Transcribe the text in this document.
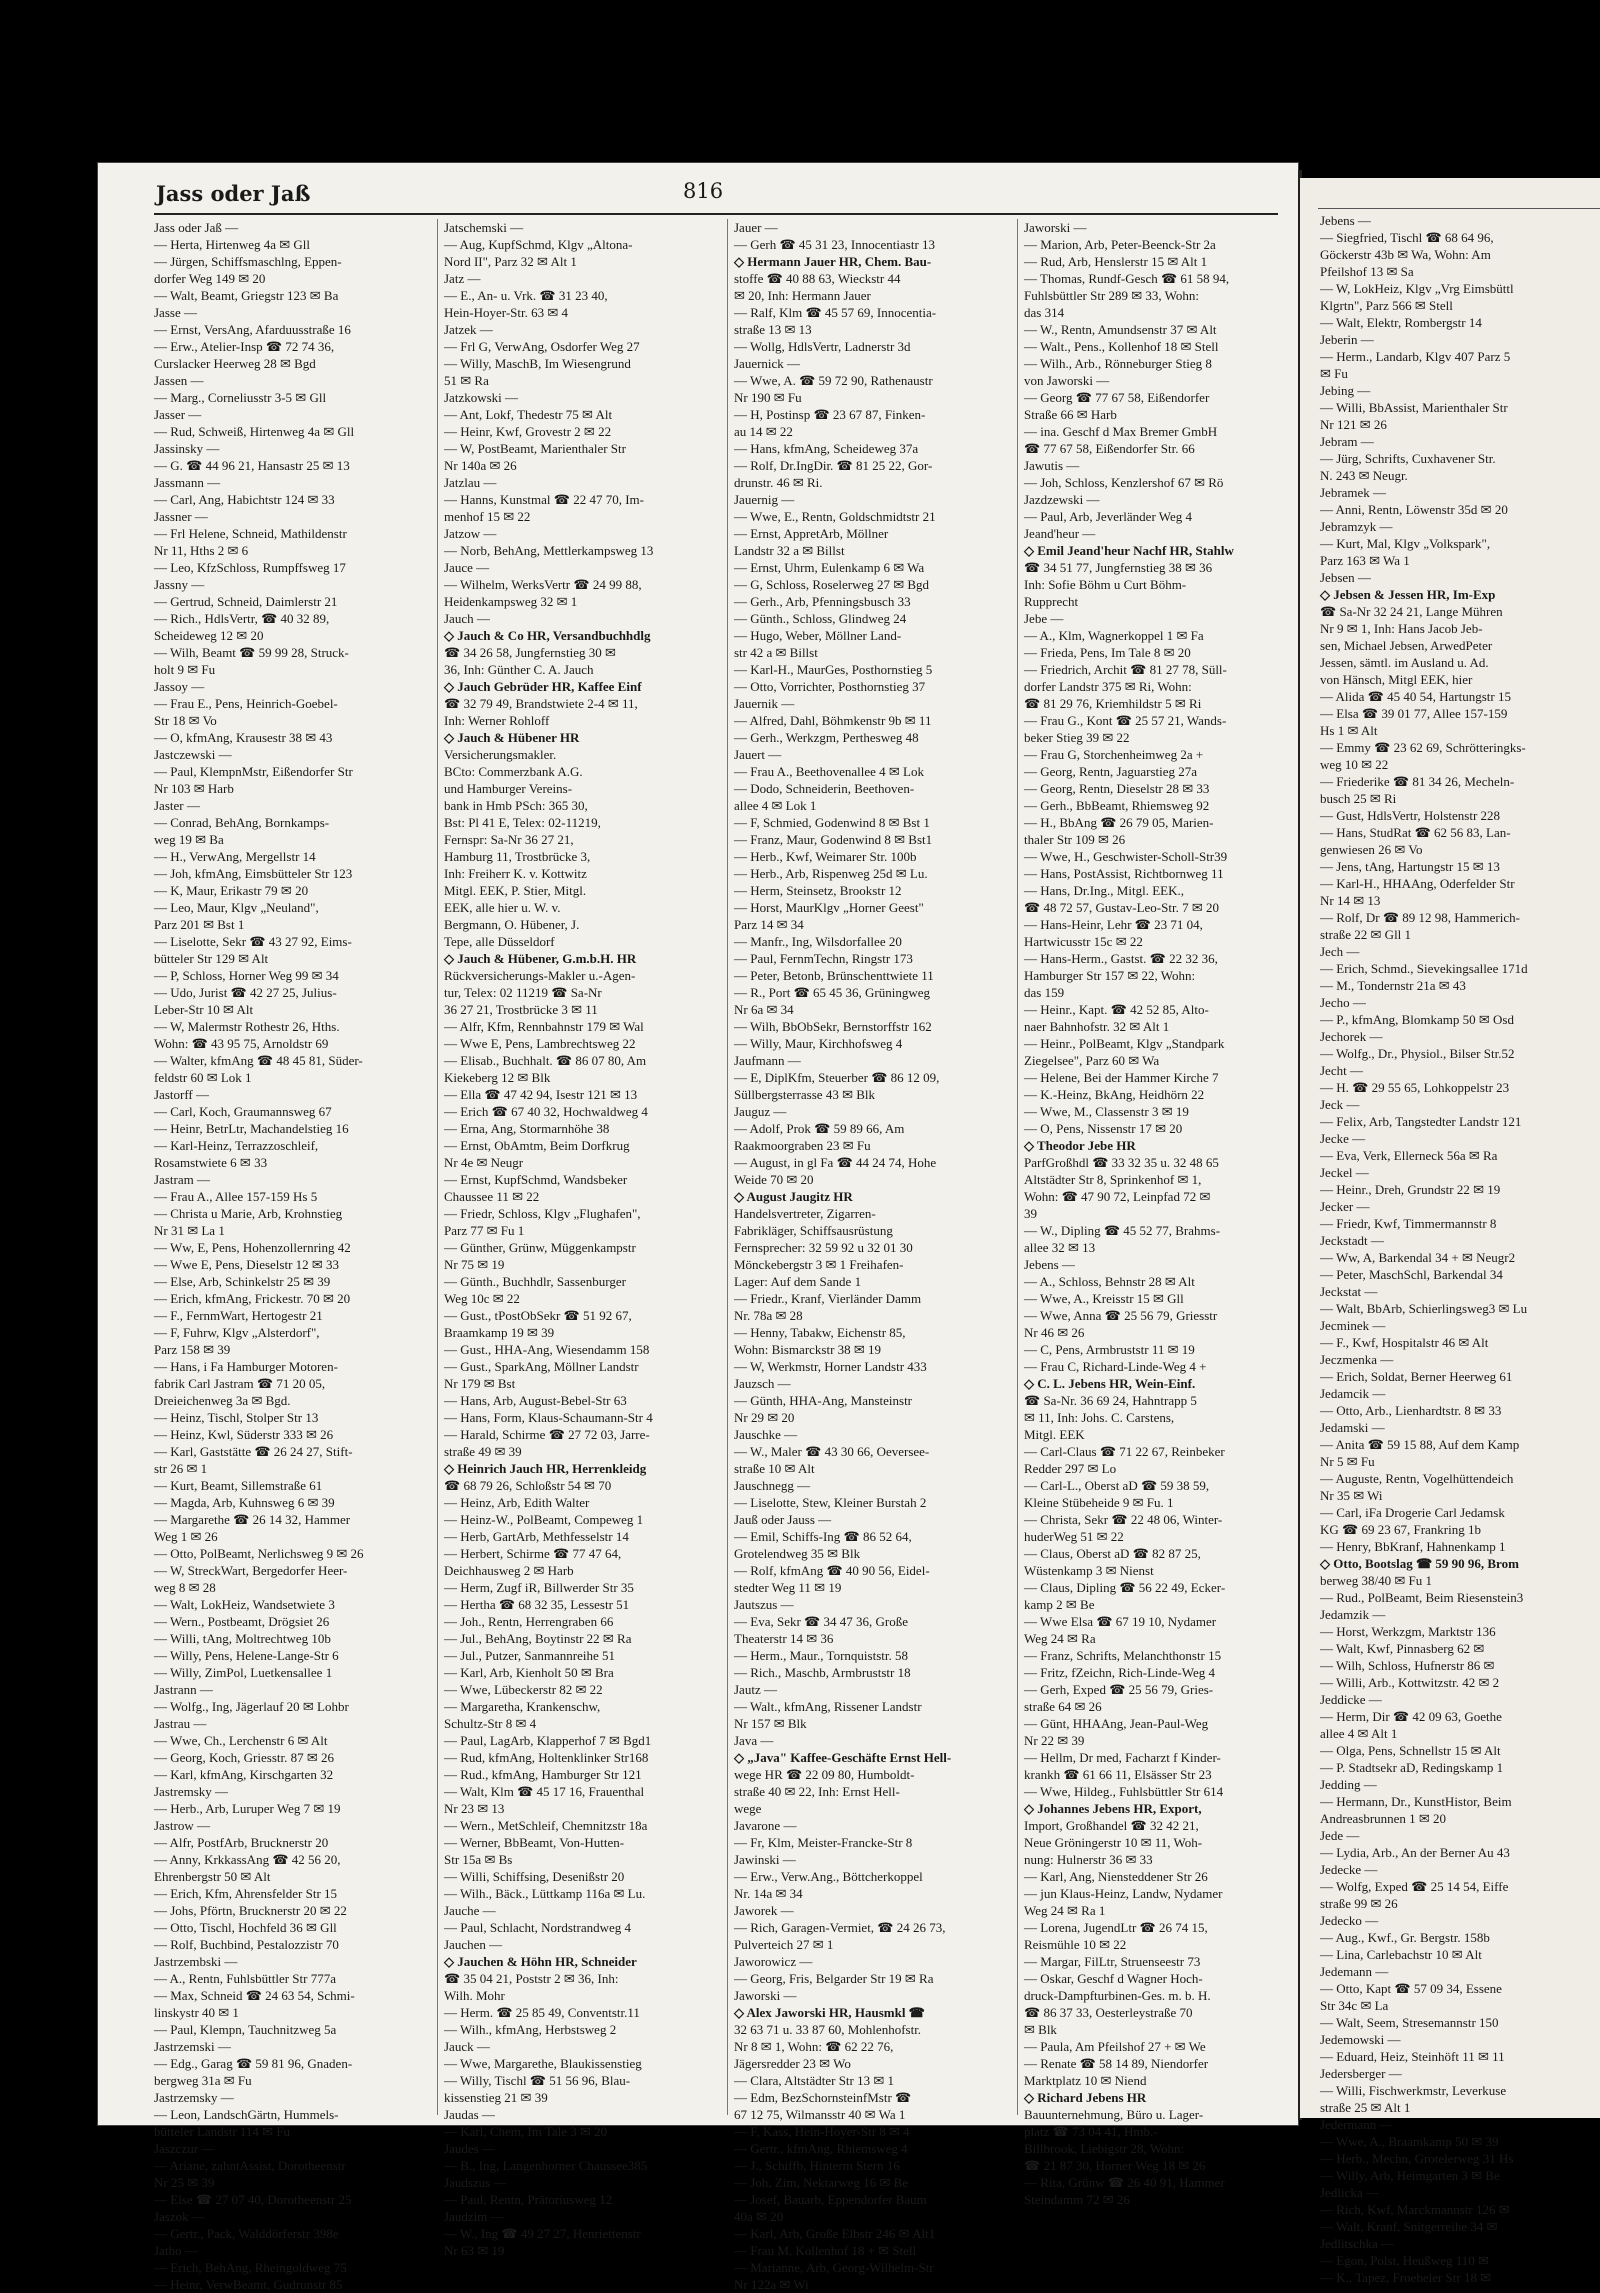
Jass oder Jaß	816
Jass oder Jaß —
— Herta, Hirtenweg 4a ✉ Gll
— Jürgen, Schiffsmaschlng, Eppen-
dorfer Weg 149 ✉ 20
— Walt, Beamt, Griegstr 123 ✉ Ba
Jasse —
— Ernst, VersAng, Afarduusstraße 16
— Erw., Atelier-Insp ☎ 72 74 36,
Curslacker Heerweg 28 ✉ Bgd
Jassen —
— Marg., Corneliusstr 3-5 ✉ Gll
Jasser —
— Rud, Schweiß, Hirtenweg 4a ✉ Gll
Jassinsky —
— G. ☎ 44 96 21, Hansastr 25 ✉ 13
Jassmann —
— Carl, Ang, Habichtstr 124 ✉ 33
Jassner —
— Frl Helene, Schneid, Mathildenstr
Nr 11, Hths 2 ✉ 6
— Leo, KfzSchloss, Rumpffsweg 17
Jassny —
— Gertrud, Schneid, Daimlerstr 21
— Rich., HdlsVertr, ☎ 40 32 89,
Scheideweg 12 ✉ 20
— Wilh, Beamt ☎ 59 99 28, Struck-
holt 9 ✉ Fu
Jassoy —
— Frau E., Pens, Heinrich-Goebel-
Str 18 ✉ Vo
— O, kfmAng, Krausestr 38 ✉ 43
Jastczewski —
— Paul, KlempnMstr, Eißendorfer Str
Nr 103 ✉ Harb
Jaster —
— Conrad, BehAng, Bornkamps-
weg 19 ✉ Ba
— H., VerwAng, Mergellstr 14
— Joh, kfmAng, Eimsbütteler Str 123
— K, Maur, Erikastr 79 ✉ 20
— Leo, Maur, Klgv „Neuland",
Parz 201 ✉ Bst 1
— Liselotte, Sekr ☎ 43 27 92, Eims-
bütteler Str 129 ✉ Alt
— P, Schloss, Horner Weg 99 ✉ 34
— Udo, Jurist ☎ 42 27 25, Julius-
Leber-Str 10 ✉ Alt
— W, Malermstr Rothestr 26, Hths.
Wohn: ☎ 43 95 75, Arnoldstr 69
— Walter, kfmAng ☎ 48 45 81, Süder-
feldstr 60 ✉ Lok 1
Jastorff —
— Carl, Koch, Graumannsweg 67
— Heinr, BetrLtr, Machandelstieg 16
— Karl-Heinz, Terrazzoschleif,
Rosamstwiete 6 ✉ 33
Jastram —
— Frau A., Allee 157-159 Hs 5
— Christa u Marie, Arb, Krohnstieg
Nr 31 ✉ La 1
— Ww, E, Pens, Hohenzollernring 42
— Wwe E, Pens, Dieselstr 12 ✉ 33
— Else, Arb, Schinkelstr 25 ✉ 39
— Erich, kfmAng, Frickestr. 70 ✉ 20
— F., FernmWart, Hertogestr 21
— F, Fuhrw, Klgv „Alsterdorf",
Parz 158 ✉ 39
— Hans, i Fa Hamburger Motoren-
fabrik Carl Jastram ☎ 71 20 05,
Dreieichenweg 3a ✉ Bgd.
— Heinz, Tischl, Stolper Str 13
— Heinz, Kwl, Süderstr 333 ✉ 26
— Karl, Gaststätte ☎ 26 24 27, Stift-
str 26 ✉ 1
— Kurt, Beamt, Sillemstraße 61
— Magda, Arb, Kuhnsweg 6 ✉ 39
— Margarethe ☎ 26 14 32, Hammer
Weg 1 ✉ 26
— Otto, PolBeamt, Nerlichsweg 9 ✉ 26
— W, StreckWart, Bergedorfer Heer-
weg 8 ✉ 28
— Walt, LokHeiz, Wandsetwiete 3
— Wern., Postbeamt, Drögsiet 26
— Willi, tAng, Moltrechtweg 10b
— Willy, Pens, Helene-Lange-Str 6
— Willy, ZimPol, Luetkensallee 1
Jastrann —
— Wolfg., Ing, Jägerlauf 20 ✉ Lohbr
Jastrau —
— Wwe, Ch., Lerchenstr 6 ✉ Alt
— Georg, Koch, Griesstr. 87 ✉ 26
— Karl, kfmAng, Kirschgarten 32
Jastremsky —
— Herb., Arb, Luruper Weg 7 ✉ 19
Jastrow —
— Alfr, PostfArb, Brucknerstr 20
— Anny, KrkkassAng ☎ 42 56 20,
Ehrenbergstr 50 ✉ Alt
— Erich, Kfm, Ahrensfelder Str 15
— Johs, Pförtn, Brucknerstr 20 ✉ 22
— Otto, Tischl, Hochfeld 36 ✉ Gll
— Rolf, Buchbind, Pestalozzistr 70
Jastrzembski —
— A., Rentn, Fuhlsbüttler Str 777a
— Max, Schneid ☎ 24 63 54, Schmi-
linskystr 40 ✉ 1
— Paul, Klempn, Tauchnitzweg 5a
Jastrzemski —
— Edg., Garag ☎ 59 81 96, Gnaden-
bergweg 31a ✉ Fu
Jastrzemsky —
— Leon, LandschGärtn, Hummels-
bütteler Landstr 114 ✉ Fu
Jaszczur —
— Ariane, zahntAssist, Dorotheenstr
Nr 25 ✉ 39
— Else ☎ 27 07 40, Dorotheenstr 25
Jaszok —
— Gertr., Pack, Walddörferstr 398e
Jatho —
— Erich, BehAng, Rheingoldweg 75
— Heinr, VerwBeamt, Gudrunstr 85
Jatschemski —
— Aug, KupfSchmd, Klgv „Altona-
Nord II", Parz 32 ✉ Alt 1
Jatz —
— E., An- u. Vrk. ☎ 31 23 40,
Hein-Hoyer-Str. 63 ✉ 4
Jatzek —
— Frl G, VerwAng, Osdorfer Weg 27
— Willy, MaschB, Im Wiesengrund
51 ✉ Ra
Jatzkowski —
— Ant, Lokf, Thedestr 75 ✉ Alt
— Heinr, Kwf, Grovestr 2 ✉ 22
— W, PostBeamt, Marienthaler Str
Nr 140a ✉ 26
Jatzlau —
— Hanns, Kunstmal ☎ 22 47 70, Im-
menhof 15 ✉ 22
Jatzow —
— Norb, BehAng, Mettlerkampsweg 13
Jauce —
— Wilhelm, WerksVertr ☎ 24 99 88,
Heidenkampsweg 32 ✉ 1
Jauch —
◇ Jauch & Co HR, Versandbuchhdlg
☎ 34 26 58, Jungfernstieg 30 ✉
36, Inh: Günther C. A. Jauch
◇ Jauch Gebrüder HR, Kaffee Einf
☎ 32 79 49, Brandstwiete 2-4 ✉ 11,
Inh: Werner Rohloff
◇ Jauch & Hübener HR
Versicherungsmakler.
BCto: Commerzbank A.G.
und Hamburger Vereins-
bank in Hmb PSch: 365 30,
Bst: Pl 41 E, Telex: 02-11219,
Fernspr: Sa-Nr 36 27 21,
Hamburg 11, Trostbrücke 3,
Inh: Freiherr K. v. Kottwitz
Mitgl. EEK, P. Stier, Mitgl.
EEK, alle hier u. W. v.
Bergmann, O. Hübener, J.
Tepe, alle Düsseldorf
◇ Jauch & Hübener, G.m.b.H. HR
Rückversicherungs-Makler u.-Agen-
tur, Telex: 02 11219 ☎ Sa-Nr
36 27 21, Trostbrücke 3 ✉ 11
— Alfr, Kfm, Rennbahnstr 179 ✉ Wal
— Wwe E, Pens, Lambrechtsweg 22
— Elisab., Buchhalt. ☎ 86 07 80, Am
Kiekeberg 12 ✉ Blk
— Ella ☎ 47 42 94, Isestr 121 ✉ 13
— Erich ☎ 67 40 32, Hochwaldweg 4
— Erna, Ang, Stormarnhöhe 38
— Ernst, ObAmtm, Beim Dorfkrug
Nr 4e ✉ Neugr
— Ernst, KupfSchmd, Wandsbeker
Chaussee 11 ✉ 22
— Friedr, Schloss, Klgv „Flughafen",
Parz 77 ✉ Fu 1
— Günther, Grünw, Müggenkampstr
Nr 75 ✉ 19
— Günth., Buchhdlr, Sassenburger
Weg 10c ✉ 22
— Gust., tPostObSekr ☎ 51 92 67,
Braamkamp 19 ✉ 39
— Gust., HHA-Ang, Wiesendamm 158
— Gust., SparkAng, Möllner Landstr
Nr 179 ✉ Bst
— Hans, Arb, August-Bebel-Str 63
— Hans, Form, Klaus-Schaumann-Str 4
— Harald, Schirme ☎ 27 72 03, Jarre-
straße 49 ✉ 39
◇ Heinrich Jauch HR, Herrenkleidg
☎ 68 79 26, Schloßstr 54 ✉ 70
— Heinz, Arb, Edith Walter
— Heinz-W., PolBeamt, Compeweg 1
— Herb, GartArb, Methfesselstr 14
— Herbert, Schirme ☎ 77 47 64,
Deichhausweg 2 ✉ Harb
— Herm, Zugf iR, Billwerder Str 35
— Hertha ☎ 68 32 35, Lessestr 51
— Joh., Rentn, Herrengraben 66
— Jul., BehAng, Boytinstr 22 ✉ Ra
— Jul., Putzer, Sanmannreihe 51
— Karl, Arb, Kienholt 50 ✉ Bra
— Wwe, Lübeckerstr 82 ✉ 22
— Margaretha, Krankenschw,
Schultz-Str 8 ✉ 4
— Paul, LagArb, Klapperhof 7 ✉ Bgd1
— Rud, kfmAng, Holtenklinker Str168
— Rud., kfmAng, Hamburger Str 121
— Walt, Klm ☎ 45 17 16, Frauenthal
Nr 23 ✉ 13
— Wern., MetSchleif, Chemnitzstr 18a
— Werner, BbBeamt, Von-Hutten-
Str 15a ✉ Bs
— Willi, Schiffsing, Desenißstr 20
— Wilh., Bäck., Lüttkamp 116a ✉ Lu.
Jauche —
— Paul, Schlacht, Nordstrandweg 4
Jauchen —
◇ Jauchen & Höhn HR, Schneider
☎ 35 04 21, Poststr 2 ✉ 36, Inh:
Wilh. Mohr
— Herm. ☎ 25 85 49, Conventstr.11
— Wilh., kfmAng, Herbstsweg 2
Jauck —
— Wwe, Margarethe, Blaukissenstieg
— Willy, Tischl ☎ 51 56 96, Blau-
kissenstieg 21 ✉ 39
Jaudas —
— Karl, Chem, Im Tale 3 ✉ 20
Jaudes —
— B., Ing, Langenhorner Chaussee385
Jaudszus —
— Paul, Rentn, Prätoriusweg 12
Jaudzim —
— W., Ing ☎ 49 27 27, Henriettenstr
Nr 63 ✉ 19
Jauer —
— Gerh ☎ 45 31 23, Innocentiastr 13
◇ Hermann Jauer HR, Chem. Bau-
stoffe ☎ 40 88 63, Wieckstr 44
✉ 20, Inh: Hermann Jauer
— Ralf, Klm ☎ 45 57 69, Innocentia-
straße 13 ✉ 13
— Wollg, HdlsVertr, Ladnerstr 3d
Jauernick —
— Wwe, A. ☎ 59 72 90, Rathenaustr
Nr 190 ✉ Fu
— H, Postinsp ☎ 23 67 87, Finken-
au 14 ✉ 22
— Hans, kfmAng, Scheideweg 37a
— Rolf, Dr.IngDir. ☎ 81 25 22, Gor-
drunstr. 46 ✉ Ri.
Jauernig —
— Wwe, E., Rentn, Goldschmidtstr 21
— Ernst, AppretArb, Möllner
Landstr 32 a ✉ Billst
— Ernst, Uhrm, Eulenkamp 6 ✉ Wa
— G, Schloss, Roselerweg 27 ✉ Bgd
— Gerh., Arb, Pfenningsbusch 33
— Günth., Schloss, Glindweg 24
— Hugo, Weber, Möllner Land-
str 42 a ✉ Billst
— Karl-H., MaurGes, Posthornstieg 5
— Otto, Vorrichter, Posthornstieg 37
Jauernik —
— Alfred, Dahl, Böhmkenstr 9b ✉ 11
— Gerh., Werkzgm, Perthesweg 48
Jauert —
— Frau A., Beethovenallee 4 ✉ Lok
— Dodo, Schneiderin, Beethoven-
allee 4 ✉ Lok 1
— F, Schmied, Godenwind 8 ✉ Bst 1
— Franz, Maur, Godenwind 8 ✉ Bst1
— Herb., Kwf, Weimarer Str. 100b
— Herb., Arb, Rispenweg 25d ✉ Lu.
— Herm, Steinsetz, Brookstr 12
— Horst, MaurKlgv „Horner Geest"
Parz 14 ✉ 34
— Manfr., Ing, Wilsdorfallee 20
— Paul, FernmTechn, Ringstr 173
— Peter, Betonb, Brünschenttwiete 11
— R., Port ☎ 65 45 36, Grüningweg
Nr 6a ✉ 34
— Wilh, BbObSekr, Bernstorffstr 162
— Willy, Maur, Kirchhofsweg 4
Jaufmann —
— E, DiplKfm, Steuerber ☎ 86 12 09,
Süllbergsterrasse 43 ✉ Blk
Jauguz —
— Adolf, Prok ☎ 59 89 66, Am
Raakmoorgraben 23 ✉ Fu
— August, in gl Fa ☎ 44 24 74, Hohe
Weide 70 ✉ 20
◇ August Jaugitz HR
Handelsvertreter, Zigarren-
Fabrikläger, Schiffsausrüstung
Fernsprecher: 32 59 92 u 32 01 30
Mönckebergstr 3 ✉ 1 Freihafen-
Lager: Auf dem Sande 1
— Friedr., Kranf, Vierländer Damm
Nr. 78a ✉ 28
— Henny, Tabakw, Eichenstr 85,
Wohn: Bismarckstr 38 ✉ 19
— W, Werkmstr, Horner Landstr 433
Jauzsch —
— Günth, HHA-Ang, Mansteinstr
Nr 29 ✉ 20
Jauschke —
— W., Maler ☎ 43 30 66, Oeversee-
straße 10 ✉ Alt
Jauschnegg —
— Liselotte, Stew, Kleiner Burstah 2
Jauß oder Jauss —
— Emil, Schiffs-Ing ☎ 86 52 64,
Grotelendweg 35 ✉ Blk
— Rolf, kfmAng ☎ 40 90 56, Eidel-
stedter Weg 11 ✉ 19
Jautszus —
— Eva, Sekr ☎ 34 47 36, Große
Theaterstr 14 ✉ 36
— Herm., Maur., Tornquiststr. 58
— Rich., Maschb, Armbruststr 18
Jautz —
— Walt., kfmAng, Rissener Landstr
Nr 157 ✉ Blk
Java —
◇ „Java" Kaffee-Geschäfte Ernst Hell-
wege HR ☎ 22 09 80, Humboldt-
straße 40 ✉ 22, Inh: Ernst Hell-
wege
Javarone —
— Fr, Klm, Meister-Francke-Str 8
Jawinski —
— Erw., Verw.Ang., Böttcherkoppel
Nr. 14a ✉ 34
Jaworek —
— Rich, Garagen-Vermiet, ☎ 24 26 73,
Pulverteich 27 ✉ 1
Jaworowicz —
— Georg, Fris, Belgarder Str 19 ✉ Ra
Jaworski —
◇ Alex Jaworski HR, Hausmkl ☎
32 63 71 u. 33 87 60, Mohlenhofstr.
Nr 8 ✉ 1, Wohn: ☎ 62 22 76,
Jägersredder 23 ✉ Wo
— Clara, Altstädter Str 13 ✉ 1
— Edm, BezSchornsteinfMstr ☎
67 12 75, Wilmansstr 40 ✉ Wa 1
— F, Kass, Hein-Hoyer-Str 8 ✉ 4
— Gertr., kfmAng, Rhiemsweg 4
— J., Schiffb, Hinterm Stern 16
— Joh, Zim, Nektarweg 16 ✉ Be
— Josef, Bauarb, Eppendorfer Baum
40a ✉ 20
— Karl, Arb, Große Elbstr 246 ✉ Alt1
— Frau M, Kollenhof 18 + ✉ Stell
— Marianne, Arb, Georg-Wilhelm-Str
Nr 122a ✉ Wi
Jaworski —
— Marion, Arb, Peter-Beenck-Str 2a
— Rud, Arb, Henslerstr 15 ✉ Alt 1
— Thomas, Rundf-Gesch ☎ 61 58 94,
Fuhlsbüttler Str 289 ✉ 33, Wohn:
das 314
— W., Rentn, Amundsenstr 37 ✉ Alt
— Walt., Pens., Kollenhof 18 ✉ Stell
— Wilh., Arb., Rönneburger Stieg 8
von Jaworski —
— Georg ☎ 77 67 58, Eißendorfer
Straße 66 ✉ Harb
— ina. Geschf d Max Bremer GmbH
☎ 77 67 58, Eißendorfer Str. 66
Jawutis —
— Joh, Schloss, Kenzlershof 67 ✉ Rö
Jazdzewski —
— Paul, Arb, Jeverländer Weg 4
Jeand'heur —
◇ Emil Jeand'heur Nachf HR, Stahlw
☎ 34 51 77, Jungfernstieg 38 ✉ 36
Inh: Sofie Böhm u Curt Böhm-
Rupprecht
Jebe —
— A., Klm, Wagnerkoppel 1 ✉ Fa
— Frieda, Pens, Im Tale 8 ✉ 20
— Friedrich, Archit ☎ 81 27 78, Süll-
dorfer Landstr 375 ✉ Ri, Wohn:
☎ 81 29 76, Kriemhildstr 5 ✉ Ri
— Frau G., Kont ☎ 25 57 21, Wands-
beker Stieg 39 ✉ 22
— Frau G, Storchenheimweg 2a +
— Georg, Rentn, Jaguarstieg 27a
— Georg, Rentn, Dieselstr 28 ✉ 33
— Gerh., BbBeamt, Rhiemsweg 92
— H., BbAng ☎ 26 79 05, Marien-
thaler Str 109 ✉ 26
— Wwe, H., Geschwister-Scholl-Str39
— Hans, PostAssist, Richtbornweg 11
— Hans, Dr.Ing., Mitgl. EEK.,
☎ 48 72 57, Gustav-Leo-Str. 7 ✉ 20
— Hans-Heinr, Lehr ☎ 23 71 04,
Hartwicusstr 15c ✉ 22
— Hans-Herm., Gastst. ☎ 22 32 36,
Hamburger Str 157 ✉ 22, Wohn:
das 159
— Heinr., Kapt. ☎ 42 52 85, Alto-
naer Bahnhofstr. 32 ✉ Alt 1
— Heinr., PolBeamt, Klgv „Standpark
Ziegelsee", Parz 60 ✉ Wa
— Helene, Bei der Hammer Kirche 7
— K.-Heinz, BkAng, Heidhörn 22
— Wwe, M., Classenstr 3 ✉ 19
— O, Pens, Nissenstr 17 ✉ 20
◇ Theodor Jebe HR
ParfGroßhdl ☎ 33 32 35 u. 32 48 65
Altstädter Str 8, Sprinkenhof ✉ 1,
Wohn: ☎ 47 90 72, Leinpfad 72 ✉
39
— W., Dipling ☎ 45 52 77, Brahms-
allee 32 ✉ 13
Jebens —
— A., Schloss, Behnstr 28 ✉ Alt
— Wwe, A., Kreisstr 15 ✉ Gll
— Wwe, Anna ☎ 25 56 79, Griesstr
Nr 46 ✉ 26
— C, Pens, Armbruststr 11 ✉ 19
— Frau C, Richard-Linde-Weg 4 +
◇ C. L. Jebens HR, Wein-Einf.
☎ Sa-Nr. 36 69 24, Hahntrapp 5
✉ 11, Inh: Johs. C. Carstens,
Mitgl. EEK
— Carl-Claus ☎ 71 22 67, Reinbeker
Redder 297 ✉ Lo
— Carl-L., Oberst aD ☎ 59 38 59,
Kleine Stübeheide 9 ✉ Fu. 1
— Christa, Sekr ☎ 22 48 06, Winter-
huderWeg 51 ✉ 22
— Claus, Oberst aD ☎ 82 87 25,
Wüstenkamp 3 ✉ Nienst
— Claus, Dipling ☎ 56 22 49, Ecker-
kamp 2 ✉ Be
— Wwe Elsa ☎ 67 19 10, Nydamer
Weg 24 ✉ Ra
— Franz, Schrifts, Melanchthonstr 15
— Fritz, fZeichn, Rich-Linde-Weg 4
— Gerh, Exped ☎ 25 56 79, Gries-
straße 64 ✉ 26
— Günt, HHAAng, Jean-Paul-Weg
Nr 22 ✉ 39
— Hellm, Dr med, Facharzt f Kinder-
krankh ☎ 61 66 11, Elsässer Str 23
— Wwe, Hildeg., Fuhlsbüttler Str 614
◇ Johannes Jebens HR, Export,
Import, Großhandel ☎ 32 42 21,
Neue Gröningerstr 10 ✉ 11, Woh-
nung: Hulnerstr 36 ✉ 33
— Karl, Ang, Niensteddener Str 26
— jun Klaus-Heinz, Landw, Nydamer
Weg 24 ✉ Ra 1
— Lorena, JugendLtr ☎ 26 74 15,
Reismühle 10 ✉ 22
— Margar, FilLtr, Struenseestr 73
— Oskar, Geschf d Wagner Hoch-
druck-Dampfturbinen-Ges. m. b. H.
☎ 86 37 33, Oesterleystraße 70
✉ Blk
— Paula, Am Pfeilshof 27 + ✉ We
— Renate ☎ 58 14 89, Niendorfer
Marktplatz 10 ✉ Niend
◇ Richard Jebens HR
Bauunternehmung, Büro u. Lager-
platz ☎ 73 04 41, Hmb.-
Billbrook, Liebigstr 28, Wohn:
☎ 21 87 30, Horner Weg 18 ✉ 26
— Rita, Grünw ☎ 26 40 91, Hammer
Steindamm 72 ✉ 26
Jebens —
— Siegfried, Tischl ☎ 68 64 96,
Göckerstr 43b ✉ Wa, Wohn: Am
Pfeilshof 13 ✉ Sa
— W, LokHeiz, Klgv „Vrg Eimsbüttl
Klgrtn", Parz 566 ✉ Stell
— Walt, Elektr, Rombergstr 14
Jeberin —
— Herm., Landarb, Klgv 407 Parz 5
✉ Fu
Jebing —
— Willi, BbAssist, Marienthaler Str
Nr 121 ✉ 26
Jebram —
— Jürg, Schrifts, Cuxhavener Str.
N. 243 ✉ Neugr.
Jebramek —
— Anni, Rentn, Löwenstr 35d ✉ 20
Jebramzyk —
— Kurt, Mal, Klgv „Volkspark",
Parz 163 ✉ Wa 1
Jebsen —
◇ Jebsen & Jessen HR, Im-Exp
☎ Sa-Nr 32 24 21, Lange Mühren
Nr 9 ✉ 1, Inh: Hans Jacob Jeb-
sen, Michael Jebsen, ArwedPeter
Jessen, sämtl. im Ausland u. Ad.
von Hänsch, Mitgl EEK, hier
— Alida ☎ 45 40 54, Hartungstr 15
— Elsa ☎ 39 01 77, Allee 157-159
Hs 1 ✉ Alt
— Emmy ☎ 23 62 69, Schrötteringks-
weg 10 ✉ 22
— Friederike ☎ 81 34 26, Mecheln-
busch 25 ✉ Ri
— Gust, HdlsVertr, Holstenstr 228
— Hans, StudRat ☎ 62 56 83, Lan-
genwiesen 26 ✉ Vo
— Jens, tAng, Hartungstr 15 ✉ 13
— Karl-H., HHAAng, Oderfelder Str
Nr 14 ✉ 13
— Rolf, Dr ☎ 89 12 98, Hammerich-
straße 22 ✉ Gll 1
Jech —
— Erich, Schmd., Sievekingsallee 171d
— M., Tondernstr 21a ✉ 43
Jecho —
— P., kfmAng, Blomkamp 50 ✉ Osd
Jechorek —
— Wolfg., Dr., Physiol., Bilser Str.52
Jecht —
— H. ☎ 29 55 65, Lohkoppelstr 23
Jeck —
— Felix, Arb, Tangstedter Landstr 121
Jecke —
— Eva, Verk, Ellerneck 56a ✉ Ra
Jeckel —
— Heinr., Dreh, Grundstr 22 ✉ 19
Jecker —
— Friedr, Kwf, Timmermannstr 8
Jeckstadt —
— Ww, A, Barkendal 34 + ✉ Neugr2
— Peter, MaschSchl, Barkendal 34
Jeckstat —
— Walt, BbArb, Schierlingsweg3 ✉ Lu
Jecminek —
— F., Kwf, Hospitalstr 46 ✉ Alt
Jeczmenka —
— Erich, Soldat, Berner Heerweg 61
Jedamcik —
— Otto, Arb., Lienhardtstr. 8 ✉ 33
Jedamski —
— Anita ☎ 59 15 88, Auf dem Kamp
Nr 5 ✉ Fu
— Auguste, Rentn, Vogelhüttendeich
Nr 35 ✉ Wi
— Carl, iFa Drogerie Carl Jedamsk
KG ☎ 69 23 67, Frankring 1b
— Henry, BbKranf, Hahnenkamp 1
◇ Otto, Bootslag ☎ 59 90 96, Brom
berweg 38/40 ✉ Fu 1
— Rud., PolBeamt, Beim Riesenstein3
Jedamzik —
— Horst, Werkzgm, Marktstr 136
— Walt, Kwf, Pinnasberg 62 ✉
— Wilh, Schloss, Hufnerstr 86 ✉
— Willi, Arb., Kottwitzstr. 42 ✉ 2
Jeddicke —
— Herm, Dir ☎ 42 09 63, Goethe
allee 4 ✉ Alt 1
— Olga, Pens, Schnellstr 15 ✉ Alt
— P. Stadtsekr aD, Redingskamp 1
Jedding —
— Hermann, Dr., KunstHistor, Beim
Andreasbrunnen 1 ✉ 20
Jede —
— Lydia, Arb., An der Berner Au 43
Jedecke —
— Wolfg, Exped ☎ 25 14 54, Eiffe
straße 99 ✉ 26
Jedecko —
— Aug., Kwf., Gr. Bergstr. 158b
— Lina, Carlebachstr 10 ✉ Alt
Jedemann —
— Otto, Kapt ☎ 57 09 34, Essene
Str 34c ✉ La
— Walt, Seem, Stresemannstr 150
Jedemowski —
— Eduard, Heiz, Steinhöft 11 ✉ 11
Jedersberger —
— Willi, Fischwerkmstr, Leverkuse
straße 25 ✉ Alt 1
Jedermann —
— Wwe, A., Braamkamp 50 ✉ 39
— Herb., Mechn, Grotelerweg 31 Hs
— Willy, Arb, Heimgarten 3 ✉ Be
Jedlicka —
— Rich, Kwf, Marckmannstr 126 ✉
— Walt, Kranf, Snitgerreihe 34 ✉
Jedlitschka —
— Egon, Polst, Heußweg 110 ✉
— K., Tapez, Froebeler Str 18 ✉
